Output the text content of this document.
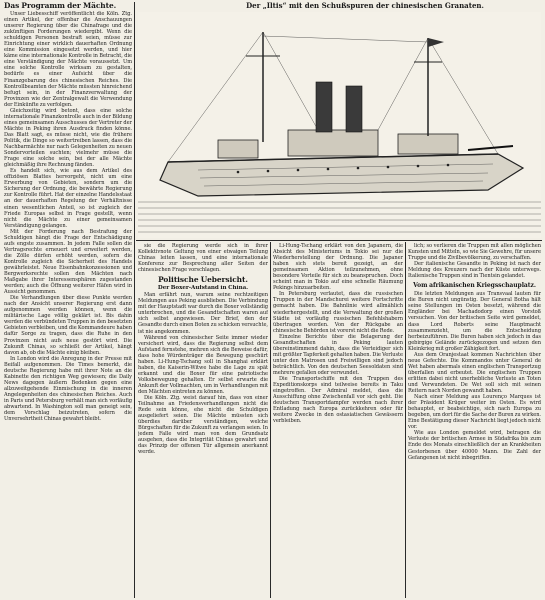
Der „Iltis“ mit den Schußspuren der chinesischen Granaten.
Das Programm der Mächte.

Unser Liebesschiff veröffentlicht die Köln. Ztg. einen Artikel, der offenbar die Anschauungen unserer Regierung über die Chinafrage und die zukünftigen Forderungen wiedergibt. Wenn die schuldigen Personen bestraft seien, müsse zur Einrichtung einer wirklich dauerhaften Ordnung eine Kommission eingesetzt werden, und hier käme eine internationale Kontrolle in Betracht, die eine Verständigung der Mächte voraussetzt. Um eine solche Kontrolle wirksam zu gestalten, bedürfe es einer Aufsicht über die Finanzgebarung des chinesischen Reiches. Die Kontrollbeamten der Mächte müssten hinreichend befugt sein, in der Finanzverwaltung der Provinzen wie der Zentralgewalt die Verwendung der Einkünfte zu verfolgen.

Gleichzeitig wird betont, dass eine solche internationale Finanzkontrolle auch in der Bildung eines gemeinsamen Ausschusses der Vertreter der Mächte in Peking ihren Ausdruck finden könne. Das Blatt sagt, es müsse nicht, wie die frühere Politik, die Dinge so weitertreiben lassen, dass die Nachbarmächte nur nach Gelegenheiten zu neuen Sondervorteilen suchten; vielmehr müsse die Frage eine solche sein, bei der alle Mächte gleichmäßig ihre Rechnung fänden.

Es handelt sich, wie aus dem Artikel des offiziösen Blattes hervorgeht, nicht um eine Erwerbung von Gebieten, sondern um die Sicherung der Ordnung, die bewährte Regierung zur Kontrolle führt. Hat der einzelne Handelsstaat an der dauerhaften Regelung der Verhältnisse einen wesentlichen Anteil, so ist zugleich der Friede Europas selbst in Frage gestellt, wenn nicht die Mächte zu einer gemeinsamen Verständigung gelangen.

Mit der Forderung nach Bestrafung der Schuldigen hängt die Frage der Entschädigung aufs engste zusammen. In jedem Falle sollen die Vertragsrechte erneuert und erweitert werden, die Zölle dürfen erhöht werden, sofern die Kontrolle zugleich die Sicherheit des Handels gewährleistet. Neue Eisenbahnkonzessionen und Bergwerksrechte sollen den Mächten nach Maßgabe ihrer Interessensphären zugestanden werden; auch die Öffnung weiterer Häfen wird in Aussicht genommen.

Die Verhandlungen über diese Punkte werden nach der Ansicht unserer Regierung erst dann aufgenommen werden können, wenn die militärische Lage völlig geklärt ist. Bis dahin werden die verbündeten Truppen in den besetzten Gebieten verbleiben, und die Kommandeure haben dafür Sorge zu tragen, dass die Ruhe in den Provinzen nicht aufs neue gestört wird. Die Zukunft Chinas, so schließt der Artikel, hängt davon ab, ob die Mächte einig bleiben.

In London wird die Anregung in der Presse mit Beifall aufgenommen. Die Times bemerkt, die deutsche Regierung habe mit ihrer Note an die Kabinette den richtigen Weg gewiesen; die Daily News dagegen äußern Bedenken gegen eine allzuweitgehende Einmischung in die inneren Angelegenheiten des chinesischen Reiches. Auch in Paris und Petersburg verhält man sich vorläufig abwartend. In Washington soll man geneigt sein, dem Vorschlag beizutreten, sofern die Unversehrtheit Chinas gewahrt bleibt.

sie die Regierung werde sich in ihrer Kollektivnote Geltung von einer etwaigen Teilung Chinas leiten lassen, und eine internationale Konferenz zur Besprechung aller Seiten der chinesischen Frage vorschlagen.

Politische Uebersicht.
Der Boxer-Aufstand in China.

Man erfährt nun, warum seine rechtzeitigen Meldungen aus Peking ausblieben. Die Verbindung mit der Hauptstadt war durch die Boxer vollständig unterbrochen, und die Gesandtschaften waren auf sich selbst angewiesen. Der Brief, den der Gesandte durch einen Boten zu schicken versuchte, ist nie angekommen.

Während von chinesischer Seite immer wieder versichert wird, dass die Regierung selbst dem Aufstand fernstehe, mehren sich die Beweise dafür, dass hohe Würdenträger die Bewegung geschürt haben. Li-Hung-Tschang soll in Shanghai erklärt haben, die Kaiserin-Witwe habe die Lage zu spät erkannt und die Boxer für eine patriotische Volksbewegung gehalten. Er selbst erwarte die Ankunft der Vollmachten, um in Verhandlungen mit den Mächten eintreten zu können.

Die Köln. Ztg. weist darauf hin, dass von einer Teilnahme an Friedensverhandlungen nicht die Rede sein könne, ehe nicht die Schuldigen ausgeliefert seien. Die Mächte müssten sich überdies darüber verständigen, welche Bürgschaften für die Zukunft zu verlangen seien. In jedem Falle wird man von dem Grundsatz ausgehen, dass die Integrität Chinas gewahrt und das Prinzip der offenen Tür allgemein anerkannt werde.

Li-Hung-Tschang erklärt von den Japanern, die Absicht des Ministeriums in Tokio sei nur die Wiederherstellung der Ordnung. Die Japaner haben sich stets bereit gezeigt, an der gemeinsamen Aktion teilzunehmen, ohne besondere Vorteile für sich zu beanspruchen. Doch scheint man in Tokio auf eine schnelle Räumung Pekings hinzuarbeiten.

In Petersburg verlautet, dass die russischen Truppen in der Mandschurei weitere Fortschritte gemacht haben. Die Bahnlinie wird allmählich wiederhergestellt, und die Verwaltung der großen Städte ist vorläufig russischen Befehlshabern übertragen worden. Von der Rückgabe an chinesische Behörden ist vorerst nicht die Rede.

Einzelne Berichte über die Belagerung der Gesandtschaften in Peking lauten übereinstimmend dahin, dass die Verteidiger sich mit größter Tapferkeit gehalten haben. Die Verluste unter den Matrosen und Freiwilligen sind jedoch beträchtlich. Von den deutschen Seesoldaten sind mehrere gefallen oder verwundet.

Die Transportschiffe mit den Truppen des Expeditionskorps sind teilweise bereits in Taku eingetroffen. Der Admiral meldet, dass die Ausschiffung ohne Zwischenfall vor sich geht. Die deutschen Transportdampfer werden nach ihrer Entladung nach Europa zurückkehren oder für weitere Zwecke in den ostasiatischen Gewässern verbleiben.

lich; so verlieren die Truppen mit allen möglichen Kunsten und Mitteln, so wie Sie Gewehre, für unsere Truppe und die Zivilbevölkerung, zu verschaffen.

Der italienische Gesandte in Peking ist nach der Meldung des Kreuzers nach der Küste unterwegs. Italienische Truppen sind in Tientsin gelandet.

Vom afrikanischen Kriegsschauplatz.

Die letzten Meldungen aus Transvaal lauten für die Buren nicht ungünstig. Der General Botha hält seine Stellungen im Osten besetzt, während die Engländer bei Machadodorp einen Vorstoß versuchen. Von der britischen Seite wird gemeldet, dass Lord Roberts seine Hauptmacht zusammenzieht, um die Entscheidung herbeizuführen. Die Buren haben sich jedoch in das gebirgige Gelände zurückgezogen und setzen den Kleinkrieg mit großer Zähigkeit fort.

Aus dem Oranjestaat kommen Nachrichten über neue Gefechte. Die Kommandos unter General de Wet haben abermals einen englischen Transportzug überfallen und erbeutet. Die englischen Truppen erlitten dabei nicht unerhebliche Verluste an Toten und Verwundeten. De Wet soll sich mit seinen Reitern nach Norden gewandt haben.

Nach einer Meldung aus Lourenço Marques ist der Präsident Krüger weiter im Osten. Es wird behauptet, er beabsichtige, sich nach Europa zu begeben, um dort für die Sache der Buren zu wirken. Eine Bestätigung dieser Nachricht liegt jedoch nicht vor.

Wie aus London gemeldet wird, betragen die Verluste der britischen Armee in Südafrika bis zum Ende des Monats einschließlich der an Krankheiten Gestorbenen über 40000 Mann. Die Zahl der Gefangenen ist nicht inbegriffen.
